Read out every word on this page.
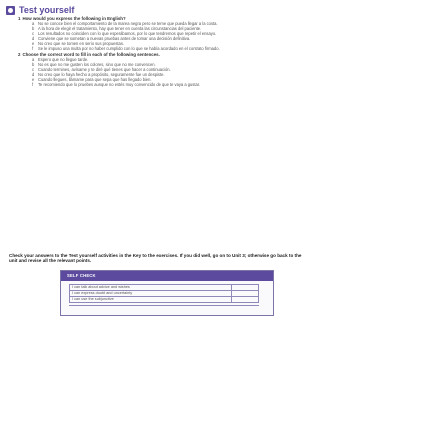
Test yourself
1 How would you express the following in English?
a No se conoce bien el comportamiento de la marea negra pero se teme que pueda llegar a la costa.
b A la hora de elegir el tratamiento, hay que tener en cuenta las circunstancias del paciente.
c Los resultados no coinciden con lo que esperábamos, por lo que tendremos que repetir el ensayo.
d Conviene que se sometan a nuevas pruebas antes de tomar una decisión definitiva.
e No creo que se tomen en serio sus propuestas.
f Se le impuso una multa por no haber cumplido con lo que se había acordado en el contrato firmado.
2 Choose the correct word to fill in each of the following sentences.
a Espero que no llegue tarde.
b No es que no me gusten los colores, sino que no me convencen.
c Cuando termines, avísame y te diré qué tienes que hacer a continuación.
d No creo que lo haya hecho a propósito, seguramente fue un despiste.
e Cuando llegues, llámame para que sepa que has llegado bien.
f Te recomiendo que lo pruebes aunque no estés muy convencido de que te vaya a gustar.
Check your answers to the Test yourself activities in the Key to the exercises. If you did well, go on to Unit 3; otherwise go back to the unit and revise all the relevant points.
SELF CHECK
I can talk about advice and wishes	
I can express doubt and uncertainty	
I can use the subjunctive	
